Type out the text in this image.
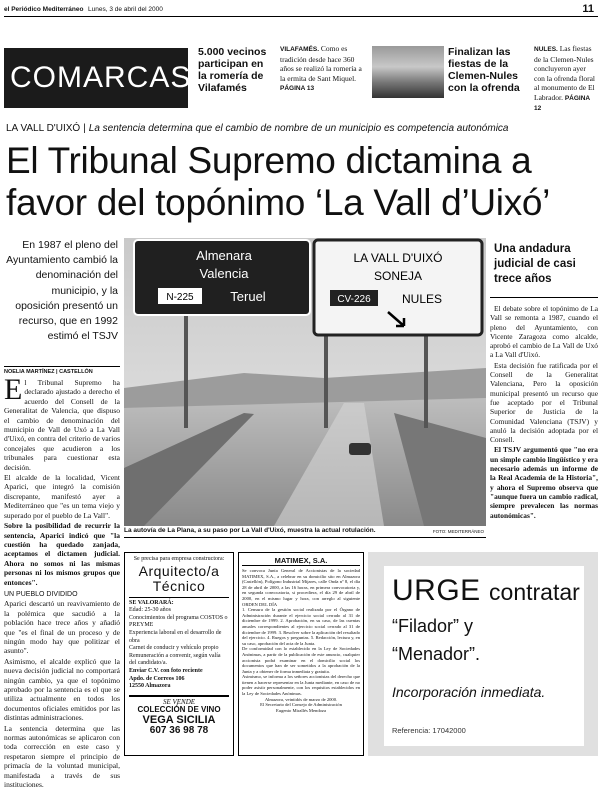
el Periódico Mediterráneo Lunes, 3 de abril del 2000	11
COMARCAS
5.000 vecinos participan en la romería de Vilafamés
VILAFAMÉS. Como es tradición desde hace 360 años se realizó la romería a la ermita de Sant Miquel. PÁGINA 13
Finalizan las fiestas de la Clemen-Nules con la ofrenda
NULES. Las fiestas de la Clemen-Nules concluyeron ayer con la ofrenda floral al monumento de El Labrador. PÁGINA 12
LA VALL D'UIXÓ | La sentencia determina que el cambio de nombre de un municipio es competencia autonómica
El Tribunal Supremo dictamina a favor del topónimo ‘La Vall d’Uixó’
En 1987 el pleno del Ayuntamiento cambió la denominación del municipio, y la oposición presentó un recurso, que en 1992 estimó el TSJV
NOELIA MARTÍNEZ | CASTELLÓN

El Tribunal Supremo ha declarado ajustado a derecho el acuerdo del Consell de la Generalitat de Valencia, que dispuso el cambio de denominación del municipio de Vall de Uxó a La Vall d'Uixó, en contra del criterio de varios concejales que acudieron a los tribunales para cuestionar esta decisión.

El alcalde de la localidad, Vicent Aparici, que integró la comisión discrepante, manifestó ayer a Mediterráneo que "es un tema viejo y superado por el pueblo de La Vall".

Sobre la posibilidad de recurrir la sentencia, Aparici indicó que "la cuestión ha quedado zanjada, aceptamos el dictamen judicial. Ahora no somos ni las mismas personas ni los mismos grupos que entonces".

UN PUEBLO DIVIDIDO

Aparici descartó un reavivamiento de la polémica que sacudió a la población hace trece años y añadió que "es el final de un proceso y de ningún modo hay que politizar el asunto".

Asimismo, el alcalde explicó que la nueva decisión judicial no comportará ningún cambio, ya que el topónimo aprobado por la sentencia es el que se utiliza actualmente en todos los documentos oficiales emitidos por las distintas administraciones.

La sentencia determina que las normas autonómicas se aplicaron con toda corrección en este caso y respetaron siempre el principio de primacía de la voluntad municipal, manifestada a través de sus instituciones.

Almenara
Valencia
N-225	Teruel
LA VALL D'UIXÓ
SONEJA
CV-226	NULES
La autovía de La Plana, a su paso por La Vall d'Uixó, muestra la actual rotulación.	FOTO: MEDITERRÁNEO
Una andadura judicial de casi trece años

El debate sobre el topónimo de La Vall se remonta a 1987, cuando el pleno del Ayuntamiento, con Vicente Zaragoza como alcalde, aprobó el cambio de La Vall de Uxó a La Vall d'Uixó.

Esta decisión fue ratificada por el Consell de la Generalitat Valenciana, Pero la oposición municipal presentó un recurso que fue aceptado por el Tribunal Superior de Justicia de la Comunidad Valenciana (TSJV) y anuló la decisión adoptada por el Consell.

El TSJV argumentó que "no era un simple cambio lingüístico y era necesario además un informe de la Real Academia de la Historia", y ahora el Supremo observa que "aunque fuera un cambio radical, siempre prevalecen las normas autonómicas".

Se precisa para empresa constructora:
Arquitecto/a Técnico
SE VALORARÁ:
Edad: 25-30 años
Conocimientos del programa COSTOS o PREYME
Experiencia laboral en el desarrollo de obra
Carnet de conducir y vehículo propio
Remuneración a convenir, según valía del candidato/a.
Enviar C.V. con foto reciente
Apdo. de Correos 106
12550 Almazora
SE VENDE
COLECCIÓN DE VINO
VEGA SICILIA
607 36 98 78
MATIMEX, S.A.

Se convoca Junta General de Accionistas de la sociedad MATIMEX, S.A., a celebrar en su domicilio sito en Almazora (Castellón), Polígono Industrial Mijares, calle Onda nº 8, el día 28 de abril de 2000, a las 16 horas, en primera convocatoria y, en segunda convocatoria, si procediera, el día 29 de abril de 2000, en el mismo lugar y hora, con arreglo al siguiente ORDEN DEL DÍA

1. Censura de la gestión social realizada por el Órgano de Administración durante el ejercicio social cerrado al 31 de diciembre de 1999. 2. Aprobación, en su caso, de las cuentas anuales correspondientes al ejercicio social cerrado al 31 de diciembre de 1999. 3. Resolver sobre la aplicación del resultado del ejercicio. 4. Ruegos y preguntas. 5. Redacción, lectura y, en su caso, aprobación del acta de la Junta.

De conformidad con lo establecido en la Ley de Sociedades Anónimas, a partir de la publicación de este anuncio, cualquier accionista podrá examinar en el domicilio social los documentos que han de ser sometidos a la aprobación de la Junta y a obtener de forma inmediata y gratuita.

Asimismo, se informa a los señores accionistas del derecho que tienen a hacerse representar en la Junta mediante, en caso de no poder asistir personalmente, con los requisitos establecidos en la Ley de Sociedades Anónimas.

Almazora, veintidós de marzo de 2000.

El Secretario del Consejo de Administración

Eugenio Mirallés Mendoza

URGE contratar
“Filador” y
“Menador”.
Incorporación inmediata.
Referencia: 17042000
